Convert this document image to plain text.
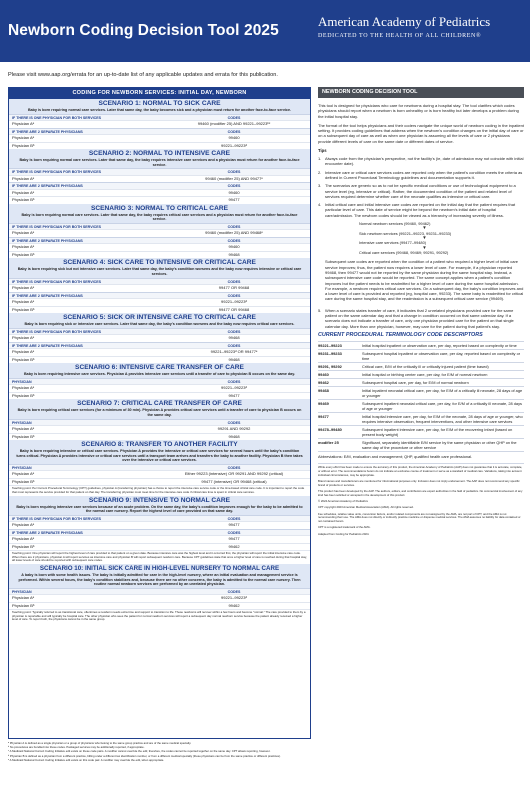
Newborn Coding Decision Tool 2025
American Academy of Pediatrics
DEDICATED TO THE HEALTH OF ALL CHILDREN®
Please visit www.aap.org/errata for an up-to-date list of any applicable updates and errata for this publication.
CODING FOR NEWBORN SERVICES: INITIAL DAY, NEWBORN
SCENARIO 1: NORMAL TO SICK CARE
Baby is born requiring normal care services. Later that same day, the baby becomes sick and a physician must return for another face-to-face service.
IF THERE IS ONE PHYSICIAN FOR BOTH SERVICES	CODES
Physician Aᵃ	99460 (modifier 25) AND 99221–99223ᵇᶜ
IF THERE ARE 2 SEPARATE PHYSICIANS	CODES
Physician Aᵃ	99460
Physician Bᵇ	99221–99223ᵈ
SCENARIO 2: NORMAL TO INTENSIVE CARE
Baby is born requiring normal care services. Later that same day, the baby requires intensive care services and a physician must return for another face-to-face service.
IF THERE IS ONE PHYSICIAN FOR BOTH SERVICES	CODES
Physician Aᵃ	99460 (modifier 25) AND 99477ᵉ
IF THERE ARE 2 SEPARATE PHYSICIANS	CODES
Physician Aᵃ	99460
Physician Bᵇ	99477
SCENARIO 3: NORMAL TO CRITICAL CARE
Baby is born requiring normal care services. Later that same day, the baby requires critical care services and a physician must return for another face-to-face service.
IF THERE IS ONE PHYSICIAN FOR BOTH SERVICES	CODES
Physician Aᵃ	99460 (modifier 25) AND 99468ᵉ
IF THERE ARE 2 SEPARATE PHYSICIANS	CODES
Physician Aᵃ	99460
Physician Bᵇ	99468
SCENARIO 4: SICK CARE TO INTENSIVE OR CRITICAL CARE
Baby is born requiring sick but not intensive care services. Later that same day, the baby's condition worsens and the baby now requires intensive or critical care services.
IF THERE IS ONE PHYSICIAN FOR BOTH SERVICES	CODES
Physician Aᵃ	99477 OR 99468
IF THERE ARE 2 SEPARATE PHYSICIANS	CODES
Physician Aᵃ	99221–99223ᵈ
Physician Bᵇ	99477 OR 99468
SCENARIO 5: SICK OR INTENSIVE CARE TO CRITICAL CARE
Baby is born requiring sick or intensive care services. Later that same day, the baby's condition worsens and the baby now requires critical care services.
IF THERE IS ONE PHYSICIAN FOR BOTH SERVICES	CODES
Physician Aᵃ	99468
IF THERE ARE 2 SEPARATE PHYSICIANS	CODES
Physician Aᵃ	99221–99223ᵈ OR 99477ᵉ
Physician Bᵇ	99468
SCENARIO 6: INTENSIVE CARE TRANSFER OF CARE
Baby is born requiring intensive care services. Physician A provides intensive care services until a transfer of care to physician B occurs on the same day.
PHYSICIAN	CODES
Physician Aᵃ	99221–99223ᵈ
Physician Bᵇ	99477
SCENARIO 7: CRITICAL CARE TRANSFER OF CARE
Baby is born requiring critical care services (for a minimum of 30 min). Physician A provides critical care services until a transfer of care to physician B occurs on the same day.
PHYSICIAN	CODES
Physician Aᵃ	99291 AND 99292
Physician Bᵇ	99468
SCENARIO 8: TRANSFER TO ANOTHER FACILITY
Baby is born requiring intensive or critical care services. Physician A provides the intensive or critical care services for several hours until the baby's condition turns critical. Physician A provides intensive or critical care services until a transport team arrives and transfers the baby to another facility. Physician B then takes over the intensive or critical care services.
PHYSICIAN	CODES
Physician Aᵃ	Either 99223 (intensive) OR 99291 AND 99292 (critical)
Physician Bᵇ	99477 (intensive) OR 99468 (critical)
Teaching point: Per Current Procedural Terminology (CPT) guidelines, physician A (transferring physician) has a choice to report the intensive care service code or the time-based critical care code. It is important to report the code that most represents the service provided for that patient on that day. The transferring physician must meet time for the intensive care code if critical care time is spent in critical care services.
SCENARIO 9: INTENSIVE TO NORMAL CARE
Baby is born requiring intensive care services because of an acute problem. On the same day, the baby's condition improves enough for the baby to be admitted to the normal care nursery. Report the highest level of care provided on that same day.
IF THERE IS ONE PHYSICIAN FOR BOTH SERVICES	CODES
Physician Aᵃ	99477
IF THERE ARE 2 SEPARATE PHYSICIANS	CODES
Physician Aᵃ	99477
Physician Bᵇ	99462
Teaching point: One physician will report the highest level of care provided to that patient on a given date. Because intensive care was the highest level and it occurred first, the physician will report the initial intensive care code. When there are 2 physicians, physician A will report services as intensive care and physician B will report subsequent newborn care. Because CPT guidelines state that once a higher level of care is reached during that hospital stay, all lower levels of care should be reported with subsequent care codes.
SCENARIO 10: INITIAL SICK CARE IN HIGH-LEVEL NURSERY TO NORMAL CARE
A baby is born with some health issues. The baby is initially admitted for care in the high-level nursery, where an initial evaluation and management service is performed. Within several hours, the baby's condition stabilizes and, because there are no other concerns, the baby is admitted to the normal care nursery. Then routine normal newborn services are performed by an unrelated physician.
PHYSICIAN	CODES
Physician Aᵃ	99221–99223ᵈ
Physician Bᵇ	99462
Teaching point: Typically referred to as transitional care, oftentimes a newborn needs extra time and support to transition to life. These newborns will recover within a few hours and become "normal." The care provided to them by a physician is reportable and will typically be hospital care. The other physician who sees the patient for normal newborn services will report a subsequent day normal newborn service because the patient already received a higher level of care. To report both, the physicians cannot be in the same group.
ᵃ Physician A is defined as a single physician or a group of physicians who belong to the same group practice and are of the same medical specialty.
ᵇ No procedures are bundled into these codes. Packaged services may be additionally reported, if appropriate.
ᶜ A Medicaid National Correct Coding Initiative edit exists on these code pairs. A modifier cannot override the edit; therefore, the codes cannot be reported together on the same day. CPT allows reporting, however.
ᵈ Physician B is defined as a physician from a different practice, billing under a different tax identification number, or from a different medical specialty (these physicians can be from the same practice or different practices).
ᵉ A Medicaid National Correct Coding Initiative edit exists on this code pair. A modifier may override the edit, when appropriate.
NEWBORN CODING DECISION TOOL

This tool is designed for physicians who care for newborns during a hospital stay. The tool clarifies which codes physicians should report when a newborn is born unhealthy or is born healthy but later develops a problem during the initial hospital stay.

The format of the tool helps physicians and their coders navigate the unique world of newborn coding in the inpatient setting. It provides coding guidelines that address when the newborn's condition changes on the initial day of care or on a subsequent day of care as well as when one physician is assuming all the levels of care or 2 physicians provide different levels of care on the same date or different dates of service.

Tips
1. Always code from the physician's perspective, not the facility's (ie, date of admission may not coincide with initial encounter date).
2. Intensive care or critical care services codes are reported only when the patient's condition meets the criteria as defined in Current Procedural Terminology guidelines and documentation supports it.
3. The scenarios are generic so as to not be specific medical conditions or use of technological equipment to a service level (eg, intensive or critical). Rather, the documented condition of the patient and related level of services required determine whether care of the neonate qualifies as intensive or critical care.
4. Initial critical care and initial intensive care codes are reported on the initial day that the patient requires that particular level of care. This date of service might be beyond the newborn's initial date of hospital care/admission. The newborn codes should be viewed as a hierarchy of increasing severity of illness.

Normal newborn services (99460, 99462)
▼
Sick newborn services (99221–99223, 99231–99233)
▼
Intensive care services (99477–99480)
▼
Critical care services (99468, 99469; 99291, 99292)

Subsequent care codes are reported when the condition of a patient who required a higher level of initial care service improves; thus, the patient now requires a lower level of care. For example, if a physician reported 99468, then 99477 would not be reported by the same physician during the same hospital stay. Instead, a subsequent intensive care code would be reported. The same concept applies when a patient's condition improves but the patient needs to be readmitted for a higher level of care during the same hospital admission. For example, a newborn requires critical care services. On a subsequent day, the baby's condition improves and a lower level of care is provided and reported (eg, hospital care, 99233). The same baby is readmitted for critical care during the same hospital stay, and the readmission is a subsequent critical care service (99469).

5. When a scenario states transfer of care, it indicates that 2 unrelated physicians provided care for the same patient on the same calendar day and that a change in condition occurred on that same calendar day. If a scenario does not indicate a transfer of care, only one physician provided care for the patient on that single calendar day. More than one physician, however, may care for the patient during that patient's stay.
CURRENT PROCEDURAL TERMINOLOGY CODE DESCRIPTORS
99221–99223	Initial hospital inpatient or observation care, per day, reported based on complexity or time
99231–99233	Subsequent hospital inpatient or observation care, per day, reported based on complexity or time
99291, 99292	Critical care, E/M of the critically ill or critically injured patient (time based)
99460	Initial hospital or birthing center care, per day, for E/M of normal newborn
99462	Subsequent hospital care, per day, for E/M of normal newborn
99468	Initial inpatient neonatal critical care, per day, for E/M of a critically ill neonate, 28 days of age or younger
99469	Subsequent inpatient neonatal critical care, per day, for E/M of a critically ill neonate, 28 days of age or younger
99477	Initial hospital intensive care, per day, for E/M of the neonate, 28 days of age or younger, who requires intensive observation, frequent interventions, and other intensive care services
99478–99480	Subsequent inpatient intensive care, per day, for E/M of the recovering infant (based on present body weight)
modifier 25	Significant, separately identifiable E/M service by the same physician or other QHP on the same day of the procedure or other service
Abbreviations: E/M, evaluation and management; QHP, qualified health care professional.

While every effort has been made to ensure the accuracy of this product, the American Academy of Pediatrics (AAP) does not guarantee that it is accurate, complete, or without error. The recommendations herein do not indicate an exclusive course of treatment or serve as a standard of medical care. Variations, taking into account individual circumstances, may be appropriate.

Brand names and manufacturers are mentioned for informational purposes only. Inclusion does not imply endorsement. The AAP does not recommend any specific brand of products or services.

This product has been developed by the AAP. The authors, editors, and contributors are expert authorities in the field of pediatrics. No commercial involvement of any kind has been solicited or accepted in the development of this product.

© 2024 American Academy of Pediatrics

CPT copyright 2023 American Medical Association (AMA). All rights reserved.

Fee schedules, relative value units, conversion factors, and/or related components are not assigned by the AMA, are not part of CPT, and the AMA is not recommending their use. The AMA does not directly or indirectly practice medicine or dispense medical services. The AMA assumes no liability for data contained or not contained herein.

CPT is a registered trademark of the AMA.

Adapted from Coding for Pediatrics 2024.
